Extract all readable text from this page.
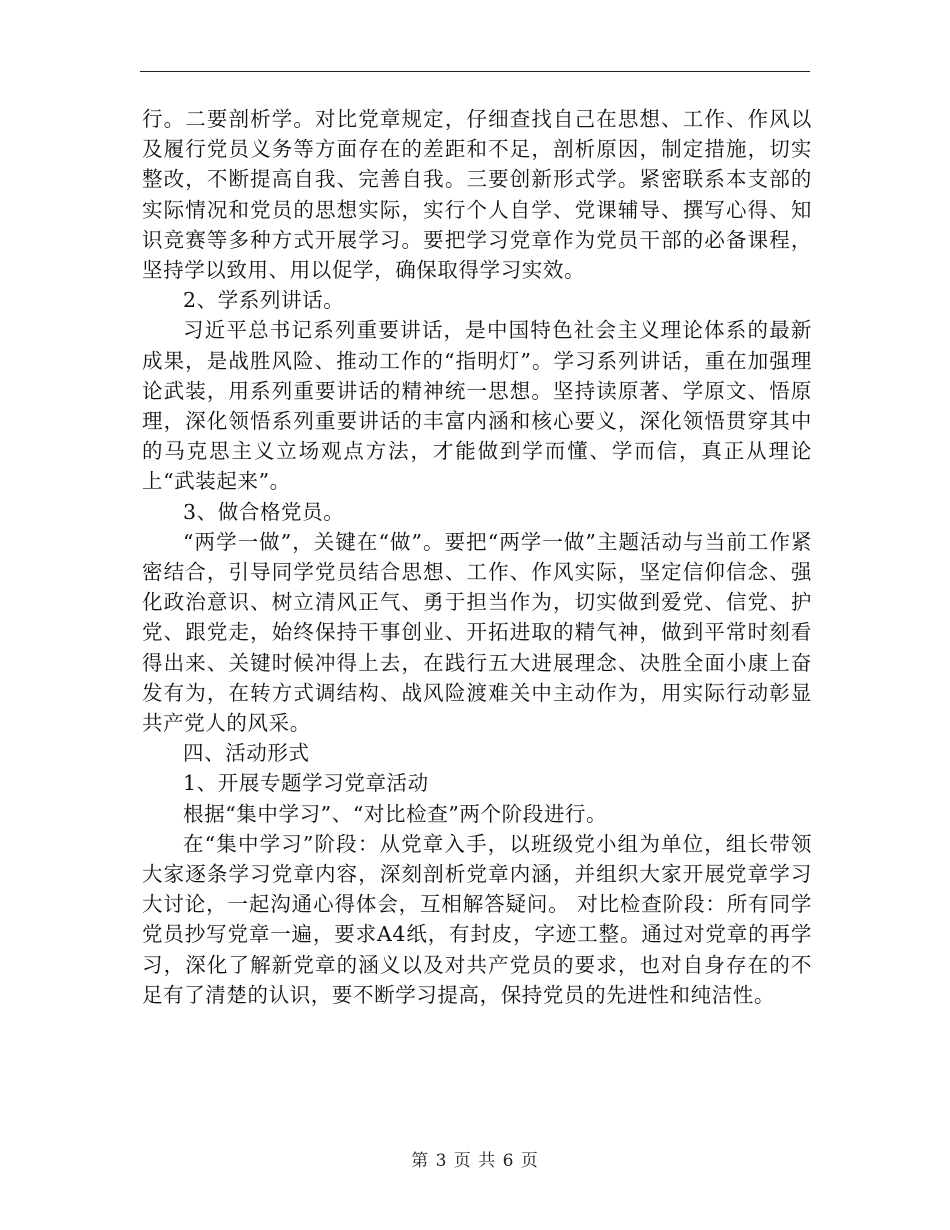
行。二要剖析学。对比党章规定，仔细查找自己在思想、工作、作风以及履行党员义务等方面存在的差距和不足，剖析原因，制定措施，切实整改，不断提高自我、完善自我。三要创新形式学。紧密联系本支部的实际情况和党员的思想实际，实行个人自学、党课辅导、撰写心得、知识竞赛等多种方式开展学习。要把学习党章作为党员干部的必备课程，坚持学以致用、用以促学，确保取得学习实效。

2、学系列讲话。

习近平总书记系列重要讲话，是中国特色社会主义理论体系的最新成果，是战胜风险、推动工作的“指明灯”。学习系列讲话，重在加强理论武装，用系列重要讲话的精神统一思想。坚持读原著、学原文、悟原理，深化领悟系列重要讲话的丰富内涵和核心要义，深化领悟贯穿其中的马克思主义立场观点方法，才能做到学而懂、学而信，真正从理论上“武装起来”。

3、做合格党员。

“两学一做”，关键在“做”。要把“两学一做”主题活动与当前工作紧密结合，引导同学党员结合思想、工作、作风实际，坚定信仰信念、强化政治意识、树立清风正气、勇于担当作为，切实做到爱党、信党、护党、跟党走，始终保持干事创业、开拓进取的精气神，做到平常时刻看得出来、关键时候冲得上去，在践行五大进展理念、决胜全面小康上奋发有为，在转方式调结构、战风险渡难关中主动作为，用实际行动彰显共产党人的风采。

四、活动形式

1、开展专题学习党章活动

根据“集中学习”、“对比检查”两个阶段进行。

在“集中学习”阶段：从党章入手，以班级党小组为单位，组长带领大家逐条学习党章内容，深刻剖析党章内涵，并组织大家开展党章学习大讨论，一起沟通心得体会，互相解答疑问。 对比检查阶段：所有同学党员抄写党章一遍，要求A4纸，有封皮，字迹工整。通过对党章的再学习，深化了解新党章的涵义以及对共产党员的要求，也对自身存在的不足有了清楚的认识，要不断学习提高，保持党员的先进性和纯洁性。

第 3 页 共 6 页
